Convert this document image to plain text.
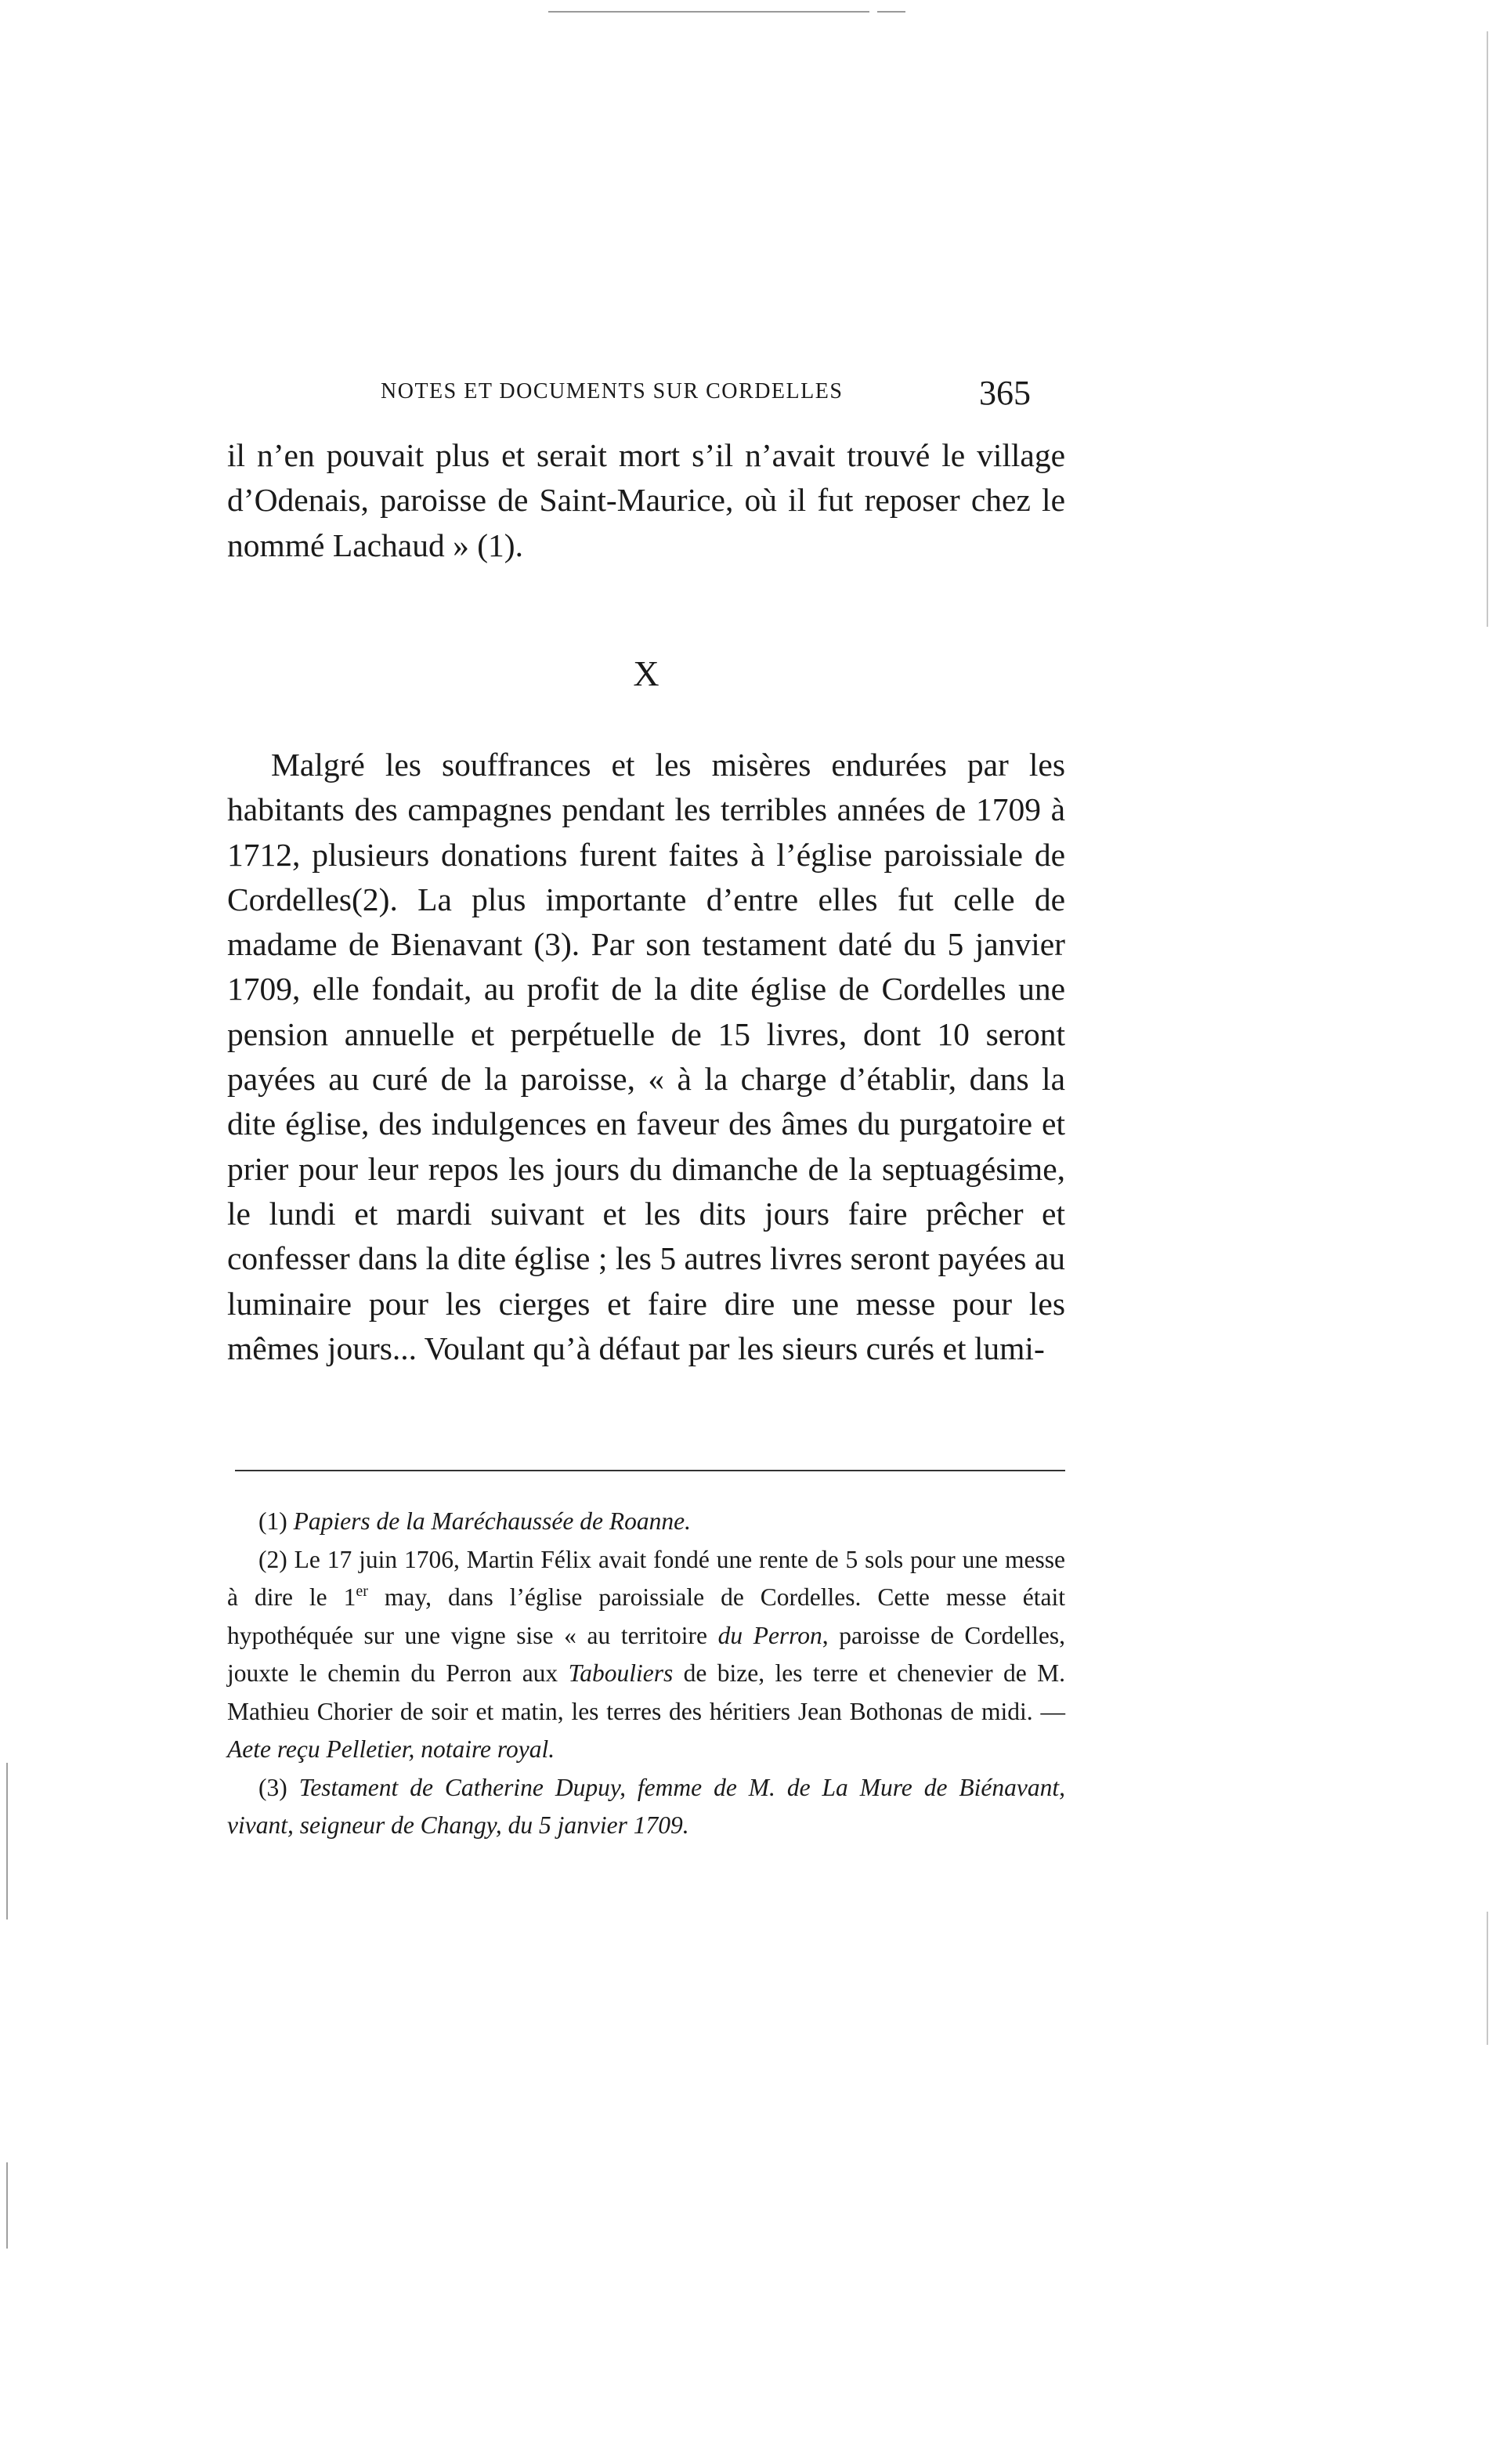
NOTES ET DOCUMENTS SUR CORDELLES	365

il n’en pouvait plus et serait mort s’il n’avait trouvé le village d’Odenais, paroisse de Saint-Maurice, où il fut reposer chez le nommé Lachaud » (1).

X

Malgré les souffrances et les misères endurées par les habitants des campagnes pendant les terribles années de 1709 à 1712, plusieurs donations furent faites à l’église paroissiale de Cordelles(2). La plus importante d’entre elles fut celle de madame de Bienavant (3). Par son testament daté du 5 janvier 1709, elle fondait, au profit de la dite église de Cordelles une pension annuelle et perpétuelle de 15 livres, dont 10 seront payées au curé de la paroisse, « à la charge d’établir, dans la dite église, des indulgences en faveur des âmes du purgatoire et prier pour leur repos les jours du dimanche de la septuagésime, le lundi et mardi suivant et les dits jours faire prêcher et confesser dans la dite église ; les 5 autres livres seront payées au luminaire pour les cierges et faire dire une messe pour les mêmes jours... Voulant qu’à défaut par les sieurs curés et lumi-

(1) Papiers de la Maréchaussée de Roanne.

(2) Le 17 juin 1706, Martin Félix avait fondé une rente de 5 sols pour une messe à dire le 1er may, dans l’église paroissiale de Cordelles. Cette messe était hypothéquée sur une vigne sise « au territoire du Perron, paroisse de Cordelles, jouxte le chemin du Perron aux Tabouliers de bize, les terre et chenevier de M. Mathieu Chorier de soir et matin, les terres des héritiers Jean Bothonas de midi. — Aete reçu Pelletier, notaire royal.

(3) Testament de Catherine Dupuy, femme de M. de La Mure de Biénavant, vivant, seigneur de Changy, du 5 janvier 1709.
